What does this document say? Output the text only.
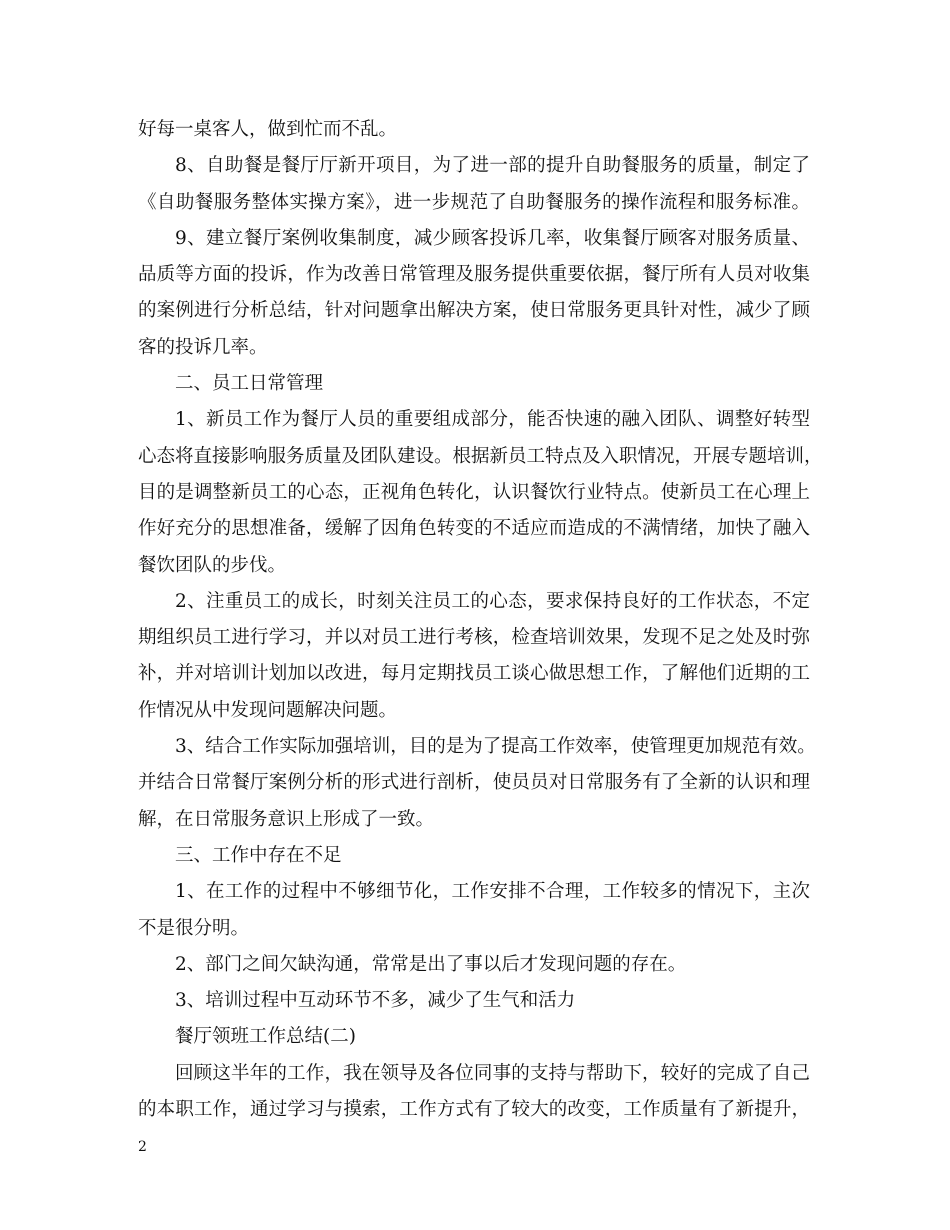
好每一桌客人，做到忙而不乱。
8、自助餐是餐厅厅新开项目，为了进一部的提升自助餐服务的质量，制定了
《自助餐服务整体实操方案》，进一步规范了自助餐服务的操作流程和服务标准。
9、建立餐厅案例收集制度，减少顾客投诉几率，收集餐厅顾客对服务质量、
品质等方面的投诉，作为改善日常管理及服务提供重要依据，餐厅所有人员对收集
的案例进行分析总结，针对问题拿出解决方案，使日常服务更具针对性，减少了顾
客的投诉几率。
二、员工日常管理
1、新员工作为餐厅人员的重要组成部分，能否快速的融入团队、调整好转型
心态将直接影响服务质量及团队建设。根据新员工特点及入职情况，开展专题培训，
目的是调整新员工的心态，正视角色转化，认识餐饮行业特点。使新员工在心理上
作好充分的思想准备，缓解了因角色转变的不适应而造成的不满情绪，加快了融入
餐饮团队的步伐。
2、注重员工的成长，时刻关注员工的心态，要求保持良好的工作状态，不定
期组织员工进行学习，并以对员工进行考核，检查培训效果，发现不足之处及时弥
补，并对培训计划加以改进，每月定期找员工谈心做思想工作，了解他们近期的工
作情况从中发现问题解决问题。
3、结合工作实际加强培训，目的是为了提高工作效率，使管理更加规范有效。
并结合日常餐厅案例分析的形式进行剖析，使员员对日常服务有了全新的认识和理
解，在日常服务意识上形成了一致。
三、工作中存在不足
1、在工作的过程中不够细节化，工作安排不合理，工作较多的情况下，主次
不是很分明。
2、部门之间欠缺沟通，常常是出了事以后才发现问题的存在。
3、培训过程中互动环节不多，减少了生气和活力
餐厅领班工作总结(二)
回顾这半年的工作，我在领导及各位同事的支持与帮助下，较好的完成了自己
的本职工作，通过学习与摸索，工作方式有了较大的改变，工作质量有了新提升，
2
